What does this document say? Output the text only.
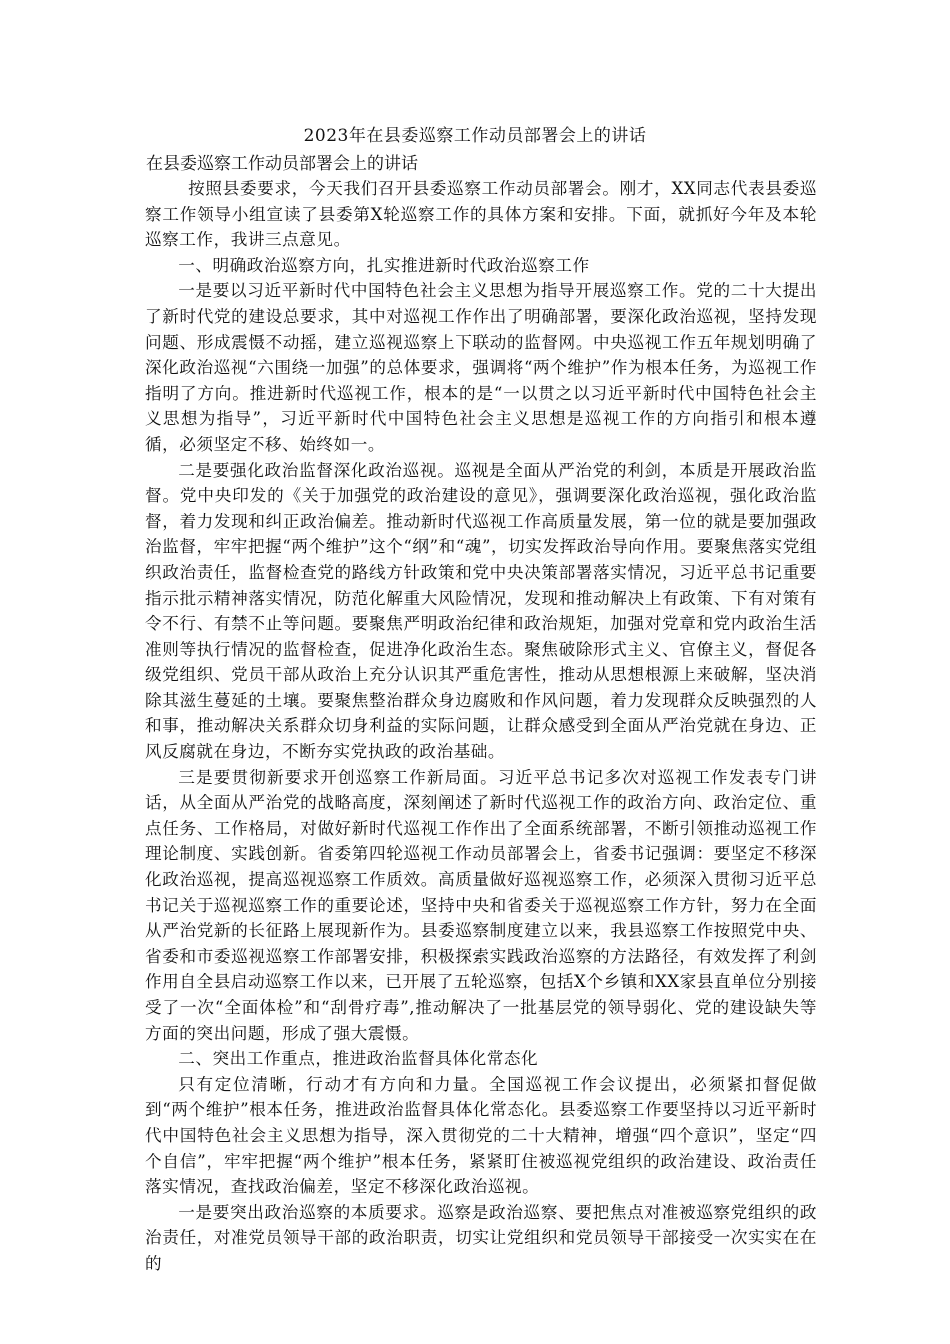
2023年在县委巡察工作动员部署会上的讲话
在县委巡察工作动员部署会上的讲话

按照县委要求，今天我们召开县委巡察工作动员部署会。刚才，XX同志代表县委巡察工作领导小组宣读了县委第X轮巡察工作的具体方案和安排。下面，就抓好今年及本轮巡察工作，我讲三点意见。

一、明确政治巡察方向，扎实推进新时代政治巡察工作

一是要以习近平新时代中国特色社会主义思想为指导开展巡察工作。党的二十大提出了新时代党的建设总要求，其中对巡视工作作出了明确部署，要深化政治巡视，坚持发现问题、形成震慑不动摇，建立巡视巡察上下联动的监督网。中央巡视工作五年规划明确了深化政治巡视“六围绕一加强”的总体要求，强调将“两个维护”作为根本任务，为巡视工作指明了方向。推进新时代巡视工作，根本的是“一以贯之以习近平新时代中国特色社会主义思想为指导”，习近平新时代中国特色社会主义思想是巡视工作的方向指引和根本遵循，必须坚定不移、始终如一。

二是要强化政治监督深化政治巡视。巡视是全面从严治党的利剑，本质是开展政治监督。党中央印发的《关于加强党的政治建设的意见》，强调要深化政治巡视，强化政治监督，着力发现和纠正政治偏差。推动新时代巡视工作高质量发展，第一位的就是要加强政治监督，牢牢把握“两个维护”这个“纲”和“魂”，切实发挥政治导向作用。要聚焦落实党组织政治责任，监督检查党的路线方针政策和党中央决策部署落实情况，习近平总书记重要指示批示精神落实情况，防范化解重大风险情况，发现和推动解决上有政策、下有对策有令不行、有禁不止等问题。要聚焦严明政治纪律和政治规矩，加强对党章和党内政治生活准则等执行情况的监督检查，促进净化政治生态。聚焦破除形式主义、官僚主义，督促各级党组织、党员干部从政治上充分认识其严重危害性，推动从思想根源上来破解，坚决消除其滋生蔓延的土壤。要聚焦整治群众身边腐败和作风问题，着力发现群众反映强烈的人和事，推动解决关系群众切身利益的实际问题，让群众感受到全面从严治党就在身边、正风反腐就在身边，不断夯实党执政的政治基础。

三是要贯彻新要求开创巡察工作新局面。习近平总书记多次对巡视工作发表专门讲话，从全面从严治党的战略高度，深刻阐述了新时代巡视工作的政治方向、政治定位、重点任务、工作格局，对做好新时代巡视工作作出了全面系统部署，不断引领推动巡视工作理论制度、实践创新。省委第四轮巡视工作动员部署会上，省委书记强调：要坚定不移深化政治巡视，提高巡视巡察工作质效。高质量做好巡视巡察工作，必须深入贯彻习近平总书记关于巡视巡察工作的重要论述，坚持中央和省委关于巡视巡察工作方针，努力在全面从严治党新的长征路上展现新作为。县委巡察制度建立以来，我县巡察工作按照党中央、省委和市委巡视巡察工作部署安排，积极探索实践政治巡察的方法路径，有效发挥了利剑作用自全县启动巡察工作以来，已开展了五轮巡察，包括X个乡镇和XX家县直单位分别接受了一次“全面体检”和“刮骨疗毒”,推动解决了一批基层党的领导弱化、党的建设缺失等方面的突出问题，形成了强大震慑。

二、突出工作重点，推进政治监督具体化常态化

只有定位清晰，行动才有方向和力量。全国巡视工作会议提出，必须紧扣督促做到“两个维护”根本任务，推进政治监督具体化常态化。县委巡察工作要坚持以习近平新时代中国特色社会主义思想为指导，深入贯彻党的二十大精神，增强“四个意识”，坚定“四个自信”，牢牢把握“两个维护”根本任务，紧紧盯住被巡视党组织的政治建设、政治责任落实情况，查找政治偏差，坚定不移深化政治巡视。

一是要突出政治巡察的本质要求。巡察是政治巡察、要把焦点对准被巡察党组织的政治责任，对准党员领导干部的政治职责，切实让党组织和党员领导干部接受一次实实在在的
